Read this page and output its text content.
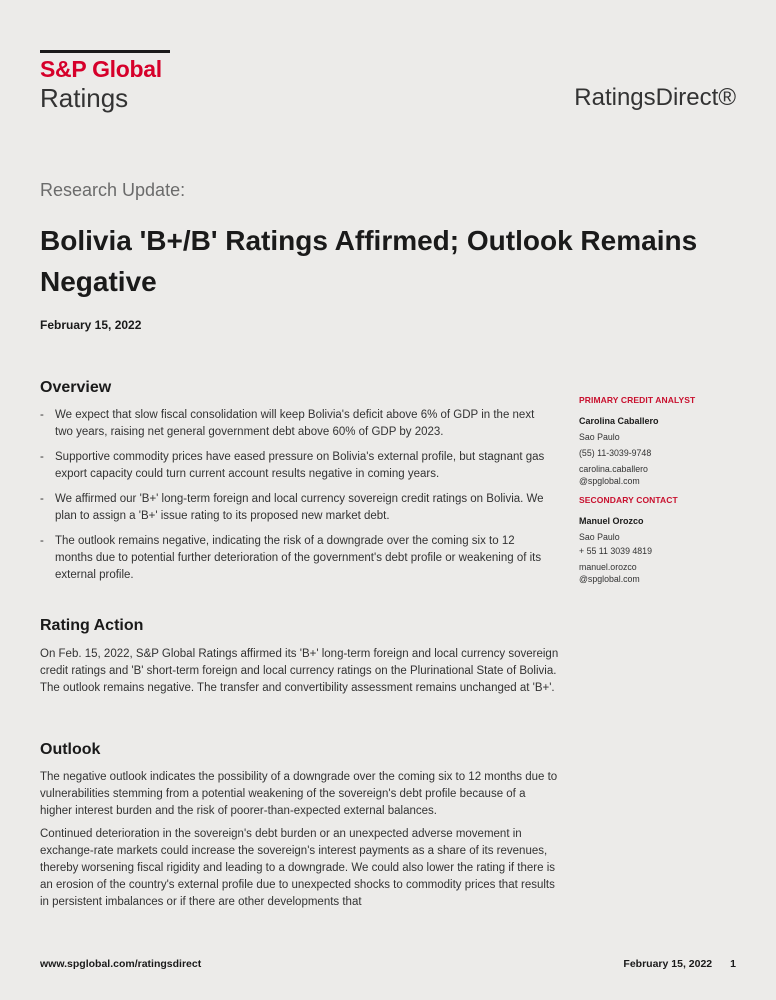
S&P Global
Ratings	RatingsDirect®
Research Update:
Bolivia 'B+/B' Ratings Affirmed; Outlook Remains Negative
February 15, 2022
Overview
- We expect that slow fiscal consolidation will keep Bolivia's deficit above 6% of GDP in the next two years, raising net general government debt above 60% of GDP by 2023.
- Supportive commodity prices have eased pressure on Bolivia's external profile, but stagnant gas export capacity could turn current account results negative in coming years.
- We affirmed our 'B+' long-term foreign and local currency sovereign credit ratings on Bolivia. We plan to assign a 'B+' issue rating to its proposed new market debt.
- The outlook remains negative, indicating the risk of a downgrade over the coming six to 12 months due to potential further deterioration of the government's debt profile or weakening of its external profile.
PRIMARY CREDIT ANALYST
Carolina Caballero
Sao Paulo
(55) 11-3039-9748
carolina.caballero
@spglobal.com
SECONDARY CONTACT
Manuel Orozco
Sao Paulo
+ 55 11 3039 4819
manuel.orozco
@spglobal.com
Rating Action

On Feb. 15, 2022, S&P Global Ratings affirmed its 'B+' long-term foreign and local currency sovereign credit ratings and 'B' short-term foreign and local currency ratings on the Plurinational State of Bolivia. The outlook remains negative. The transfer and convertibility assessment remains unchanged at 'B+'.

Outlook

The negative outlook indicates the possibility of a downgrade over the coming six to 12 months due to vulnerabilities stemming from a potential weakening of the sovereign's debt profile because of a higher interest burden and the risk of poorer-than-expected external balances.

Continued deterioration in the sovereign's debt burden or an unexpected adverse movement in exchange-rate markets could increase the sovereign's interest payments as a share of its revenues, thereby worsening fiscal rigidity and leading to a downgrade. We could also lower the rating if there is an erosion of the country's external profile due to unexpected shocks to commodity prices that results in persistent imbalances or if there are other developments that

www.spglobal.com/ratingsdirect	February 15, 2022 1
